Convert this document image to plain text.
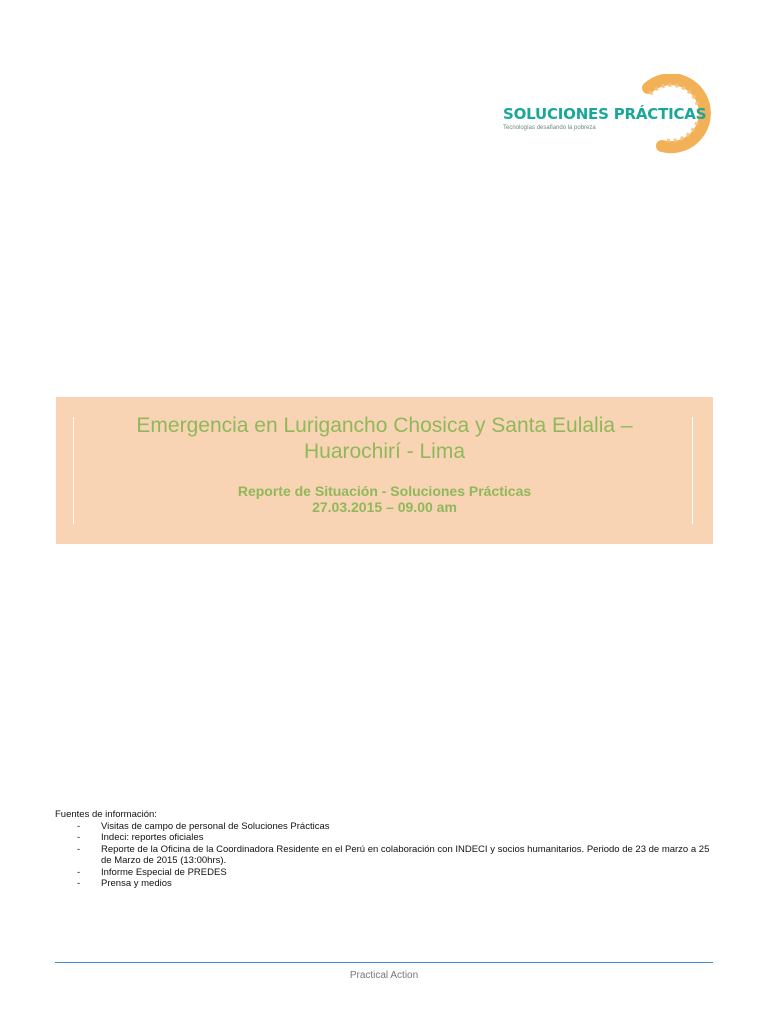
SOLUCIONES PRÁCTICAS
Tecnologías desafiando la pobreza
Emergencia en Lurigancho Chosica y Santa Eulalia –
Huarochirí - Lima
Reporte de Situación - Soluciones Prácticas
27.03.2015 – 09.00 am

Fuentes de información:

- Visitas de campo de personal de Soluciones Prácticas
- Indeci: reportes oficiales
- Reporte de la Oficina de la Coordinadora Residente en el Perú en colaboración con INDECI y socios humanitarios. Periodo de 23 de marzo a 25 de Marzo de 2015 (13:00hrs).
- Informe Especial de PREDES
- Prensa y medios
Practical Action
